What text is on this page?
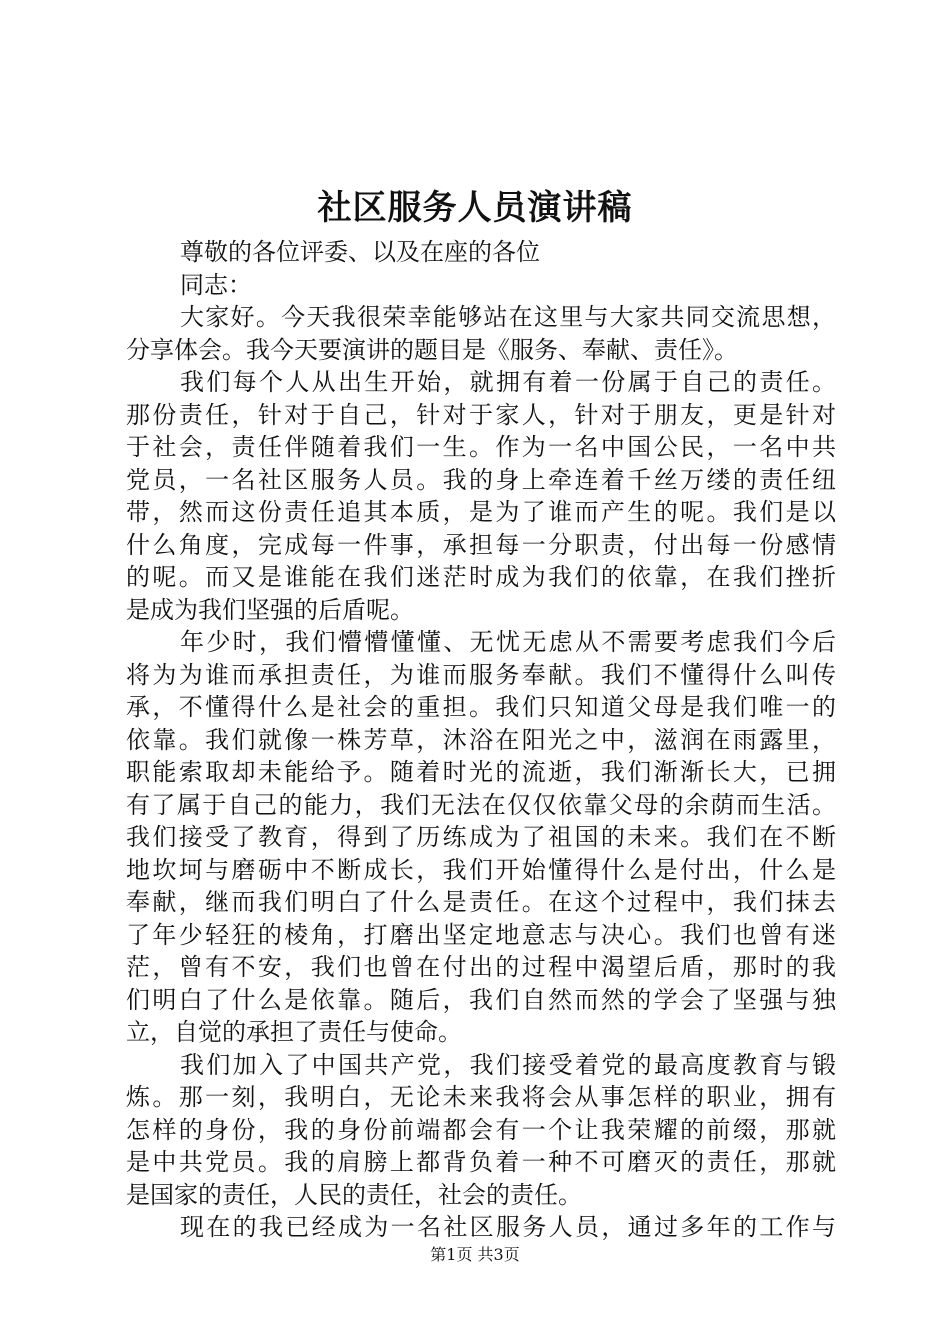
社区服务人员演讲稿
尊敬的各位评委、以及在座的各位
同志：
大家好。今天我很荣幸能够站在这里与大家共同交流思想，
分享体会。我今天要演讲的题目是《服务、奉献、责任》。
我们每个人从出生开始，就拥有着一份属于自己的责任。
那份责任，针对于自己，针对于家人，针对于朋友，更是针对
于社会，责任伴随着我们一生。作为一名中国公民，一名中共
党员，一名社区服务人员。我的身上牵连着千丝万缕的责任纽
带，然而这份责任追其本质，是为了谁而产生的呢。我们是以
什么角度，完成每一件事，承担每一分职责，付出每一份感情
的呢。而又是谁能在我们迷茫时成为我们的依靠，在我们挫折
是成为我们坚强的后盾呢。
年少时，我们懵懵懂懂、无忧无虑从不需要考虑我们今后
将为为谁而承担责任，为谁而服务奉献。我们不懂得什么叫传
承，不懂得什么是社会的重担。我们只知道父母是我们唯一的
依靠。我们就像一株芳草，沐浴在阳光之中，滋润在雨露里，
职能索取却未能给予。随着时光的流逝，我们渐渐长大，已拥
有了属于自己的能力，我们无法在仅仅依靠父母的余荫而生活。
我们接受了教育，得到了历练成为了祖国的未来。我们在不断
地坎坷与磨砺中不断成长，我们开始懂得什么是付出，什么是
奉献，继而我们明白了什么是责任。在这个过程中，我们抹去
了年少轻狂的棱角，打磨出坚定地意志与决心。我们也曾有迷
茫，曾有不安，我们也曾在付出的过程中渴望后盾，那时的我
们明白了什么是依靠。随后，我们自然而然的学会了坚强与独
立，自觉的承担了责任与使命。
我们加入了中国共产党，我们接受着党的最高度教育与锻
炼。那一刻，我明白，无论未来我将会从事怎样的职业，拥有
怎样的身份，我的身份前端都会有一个让我荣耀的前缀，那就
是中共党员。我的肩膀上都背负着一种不可磨灭的责任，那就
是国家的责任，人民的责任，社会的责任。
现在的我已经成为一名社区服务人员，通过多年的工作与
第1页 共3页
